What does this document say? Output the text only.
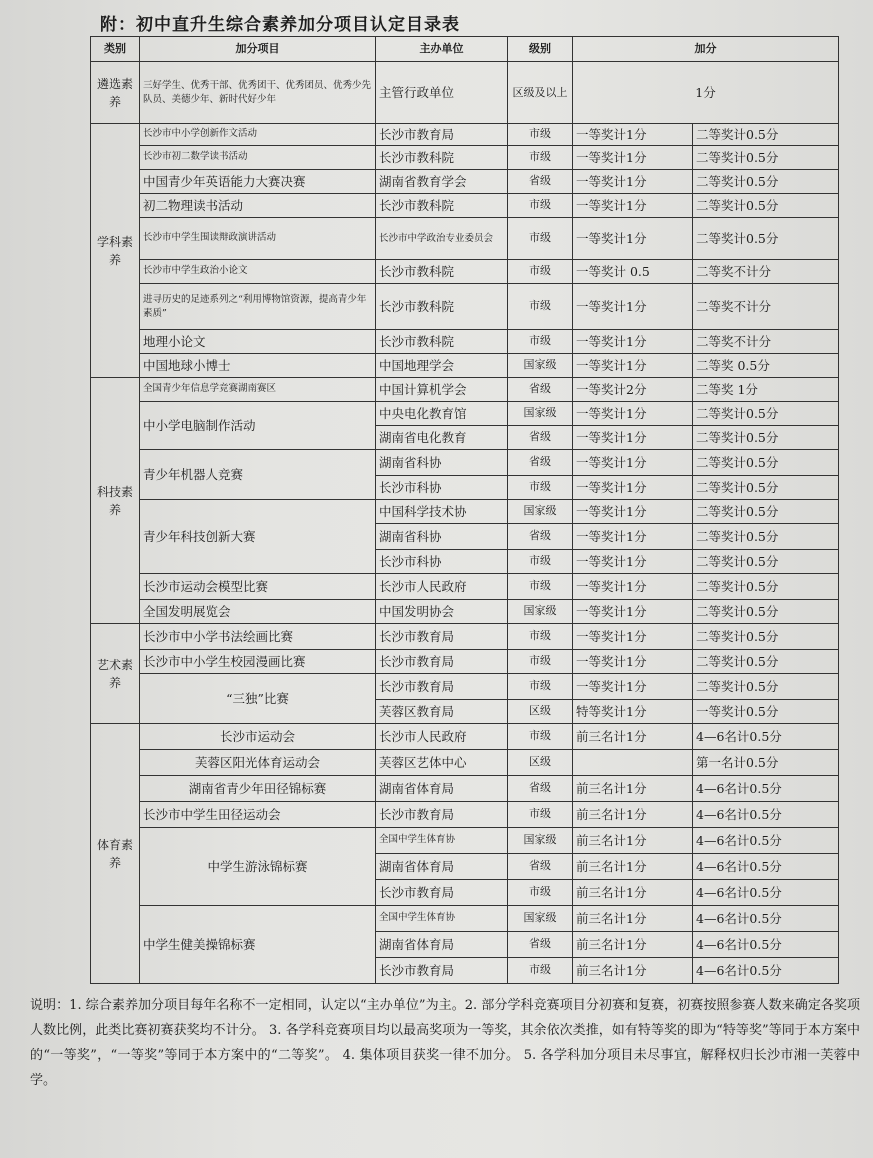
附：初中直升生综合素养加分项目认定目录表
类别	加分项目	主办单位	级别	加分	
遴选素养	三好学生、优秀干部、优秀团干、优秀团员、优秀少先队员、美德少年、新时代好少年	主管行政单位	区级及以上	1分	
学科素养	长沙市中小学创新作文活动	长沙市教育局	市级	一等奖计1分	二等奖计0.5分
	长沙市初二数学读书活动	长沙市教科院	市级	一等奖计1分	二等奖计0.5分
	中国青少年英语能力大赛决赛	湖南省教育学会	省级	一等奖计1分	二等奖计0.5分
	初二物理读书活动	长沙市教科院	市级	一等奖计1分	二等奖计0.5分
	长沙市中学生围读辩政演讲活动	长沙市中学政治专业委员会	市级	一等奖计1分	二等奖计0.5分
	长沙市中学生政治小论文	长沙市教科院	市级	一等奖计 0.5	二等奖不计分
	进寻历史的足迹系列之“利用博物馆资源，提高青少年素质”	长沙市教科院	市级	一等奖计1分	二等奖不计分
	地理小论文	长沙市教科院	市级	一等奖计1分	二等奖不计分
	中国地球小博士	中国地理学会	国家级	一等奖计1分	二等奖 0.5分
科技素养	全国青少年信息学竞赛湖南赛区	中国计算机学会	省级	一等奖计2分	二等奖 1分
	中小学电脑制作活动	中央电化教育馆	国家级	一等奖计1分	二等奖计0.5分
		湖南省电化教育	省级	一等奖计1分	二等奖计0.5分
	青少年机器人竞赛	湖南省科协	省级	一等奖计1分	二等奖计0.5分
		长沙市科协	市级	一等奖计1分	二等奖计0.5分
	青少年科技创新大赛	中国科学技术协	国家级	一等奖计1分	二等奖计0.5分
		湖南省科协	省级	一等奖计1分	二等奖计0.5分
		长沙市科协	市级	一等奖计1分	二等奖计0.5分
	长沙市运动会模型比赛	长沙市人民政府	市级	一等奖计1分	二等奖计0.5分
	全国发明展览会	中国发明协会	国家级	一等奖计1分	二等奖计0.5分
艺术素养	长沙市中小学书法绘画比赛	长沙市教育局	市级	一等奖计1分	二等奖计0.5分
	长沙市中小学生校园漫画比赛	长沙市教育局	市级	一等奖计1分	二等奖计0.5分
	“三独”比赛	长沙市教育局	市级	一等奖计1分	二等奖计0.5分
		芙蓉区教育局	区级	特等奖计1分	一等奖计0.5分
体育素养	长沙市运动会	长沙市人民政府	市级	前三名计1分	4—6名计0.5分
	芙蓉区阳光体育运动会	芙蓉区艺体中心	区级		第一名计0.5分
	湖南省青少年田径锦标赛	湖南省体育局	省级	前三名计1分	4—6名计0.5分
	长沙市中学生田径运动会	长沙市教育局	市级	前三名计1分	4—6名计0.5分
	中学生游泳锦标赛	全国中学生体育协	国家级	前三名计1分	4—6名计0.5分
		湖南省体育局	省级	前三名计1分	4—6名计0.5分
		长沙市教育局	市级	前三名计1分	4—6名计0.5分
	中学生健美操锦标赛	全国中学生体育协	国家级	前三名计1分	4—6名计0.5分
		湖南省体育局	省级	前三名计1分	4—6名计0.5分
		长沙市教育局	市级	前三名计1分	4—6名计0.5分
说明：1. 综合素养加分项目每年名称不一定相同，认定以“主办单位”为主。2. 部分学科竞赛项目分初赛和复赛，初赛按照参赛人数来确定各奖项人数比例，此类比赛初赛获奖均不计分。 3. 各学科竞赛项目均以最高奖项为一等奖，其余依次类推，如有特等奖的即为“特等奖”等同于本方案中的“一等奖”，“一等奖”等同于本方案中的“二等奖”。 4. 集体项目获奖一律不加分。 5. 各学科加分项目未尽事宜，解释权归长沙市湘一芙蓉中学。
